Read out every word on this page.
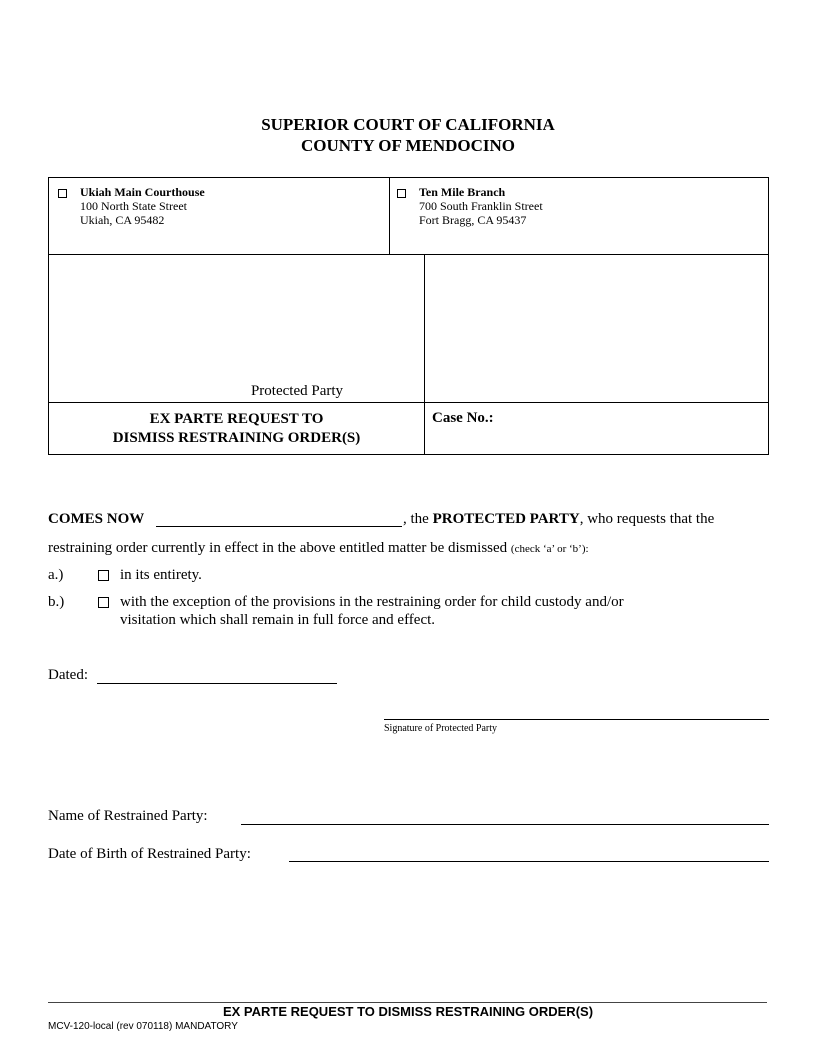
SUPERIOR COURT OF CALIFORNIA
COUNTY OF MENDOCINO
Ukiah Main Courthouse
100 North State Street
Ukiah, CA 95482
Ten Mile Branch
700 South Franklin Street
Fort Bragg, CA 95437
Protected Party
EX PARTE REQUEST TO
DISMISS RESTRAINING ORDER(S)
Case No.:
COMES NOW	, the PROTECTED PARTY, who requests that the
restraining order currently in effect in the above entitled matter be dismissed (check ‘a’ or ‘b’):
a.)	in its entirety.
b.)	with the exception of the provisions in the restraining order for child custody and/or
visitation which shall remain in full force and effect.
Dated:
Signature of Protected Party
Name of Restrained Party:
Date of Birth of Restrained Party:
EX PARTE REQUEST TO DISMISS RESTRAINING ORDER(S)
MCV-120-local (rev 070118) MANDATORY
